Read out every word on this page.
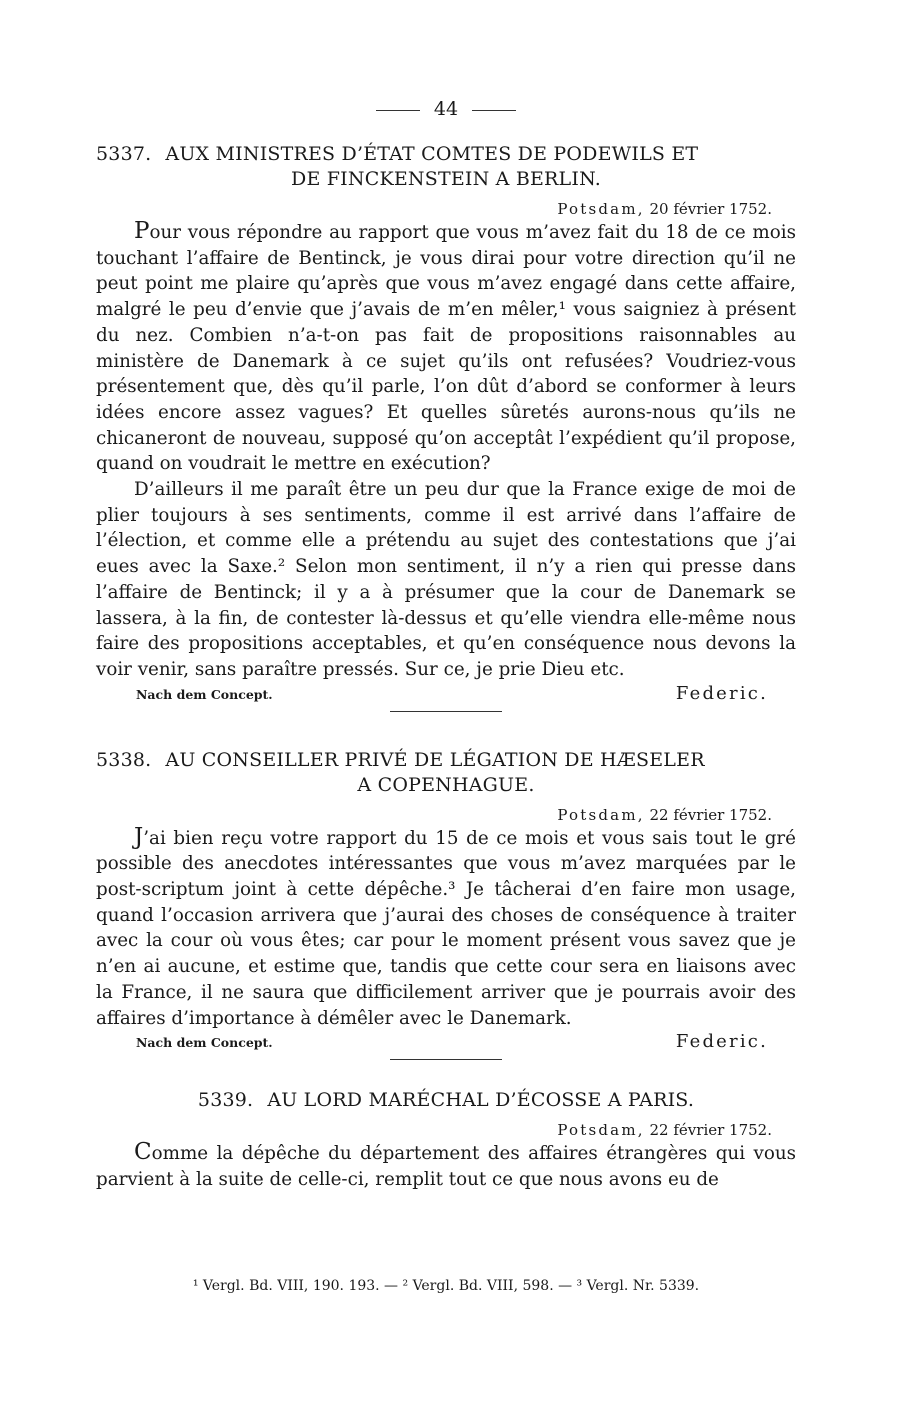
44
5337. AUX MINISTRES D’ÉTAT COMTES DE PODEWILS ET
DE FINCKENSTEIN A BERLIN.
Potsdam, 20 février 1752.

Pour vous répondre au rapport que vous m’avez fait du 18 de ce mois touchant l’affaire de Bentinck, je vous dirai pour votre direction qu’il ne peut point me plaire qu’après que vous m’avez engagé dans cette affaire, malgré le peu d’envie que j’avais de m’en mêler,¹ vous saigniez à présent du nez. Combien n’a-t-on pas fait de propositions raisonnables au ministère de Danemark à ce sujet qu’ils ont refusées? Voudriez-vous présentement que, dès qu’il parle, l’on dût d’abord se conformer à leurs idées encore assez vagues? Et quelles sûretés aurons-nous qu’ils ne chicaneront de nouveau, supposé qu’on acceptât l’expédient qu’il propose, quand on voudrait le mettre en exécution?

D’ailleurs il me paraît être un peu dur que la France exige de moi de plier toujours à ses sentiments, comme il est arrivé dans l’affaire de l’élection, et comme elle a prétendu au sujet des contestations que j’ai eues avec la Saxe.² Selon mon sentiment, il n’y a rien qui presse dans l’affaire de Bentinck; il y a à présumer que la cour de Danemark se lassera, à la fin, de contester là-dessus et qu’elle viendra elle-même nous faire des propositions acceptables, et qu’en conséquence nous devons la voir venir, sans paraître pressés. Sur ce, je prie Dieu etc.

Nach dem Concept.	Federic.
5338. AU CONSEILLER PRIVÉ DE LÉGATION DE HÆSELER
A COPENHAGUE.
Potsdam, 22 février 1752.

J’ai bien reçu votre rapport du 15 de ce mois et vous sais tout le gré possible des anecdotes intéressantes que vous m’avez marquées par le post-scriptum joint à cette dépêche.³ Je tâcherai d’en faire mon usage, quand l’occasion arrivera que j’aurai des choses de conséquence à traiter avec la cour où vous êtes; car pour le moment présent vous savez que je n’en ai aucune, et estime que, tandis que cette cour sera en liaisons avec la France, il ne saura que difficilement arriver que je pourrais avoir des affaires d’importance à démêler avec le Danemark.

Nach dem Concept.	Federic.
5339. AU LORD MARÉCHAL D’ÉCOSSE A PARIS.
Potsdam, 22 février 1752.

Comme la dépêche du département des affaires étrangères qui vous parvient à la suite de celle-ci, remplit tout ce que nous avons eu de

¹ Vergl. Bd. VIII, 190. 193. — ² Vergl. Bd. VIII, 598. — ³ Vergl. Nr. 5339.
